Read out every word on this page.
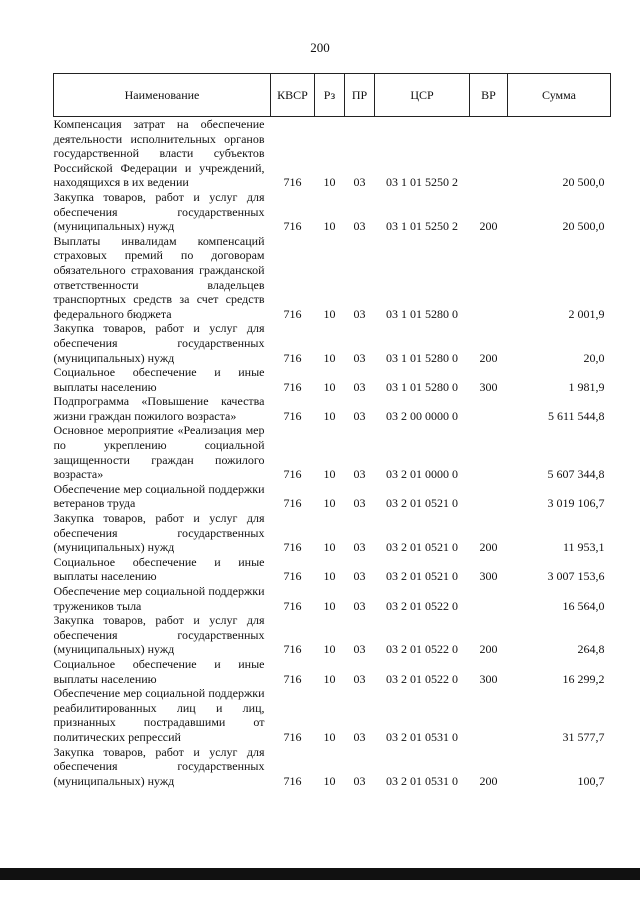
200
Наименование	КВСР	Рз	ПР	ЦСР	ВР	Сумма
Компенсация затрат на обеспечение деятельности исполнительных органов государственной власти субъектов Российской Федерации и учреждений, находящихся в их ведении	716	10	03	03 1 01 5250 2		20 500,0
Закупка товаров, работ и услуг для обеспечения государственных (муниципальных) нужд	716	10	03	03 1 01 5250 2	200	20 500,0
Выплаты инвалидам компенсаций страховых премий по договорам обязательного страхования гражданской ответственности владельцев транспортных средств за счет средств федерального бюджета	716	10	03	03 1 01 5280 0		2 001,9
Закупка товаров, работ и услуг для обеспечения государственных (муниципальных) нужд	716	10	03	03 1 01 5280 0	200	20,0
Социальное обеспечение и иные выплаты населению	716	10	03	03 1 01 5280 0	300	1 981,9
Подпрограмма «Повышение качества жизни граждан пожилого возраста»	716	10	03	03 2 00 0000 0		5 611 544,8
Основное мероприятие «Реализация мер по укреплению социальной защищенности граждан пожилого возраста»	716	10	03	03 2 01 0000 0		5 607 344,8
Обеспечение мер социальной поддержки ветеранов труда	716	10	03	03 2 01 0521 0		3 019 106,7
Закупка товаров, работ и услуг для обеспечения государственных (муниципальных) нужд	716	10	03	03 2 01 0521 0	200	11 953,1
Социальное обеспечение и иные выплаты населению	716	10	03	03 2 01 0521 0	300	3 007 153,6
Обеспечение мер социальной поддержки тружеников тыла	716	10	03	03 2 01 0522 0		16 564,0
Закупка товаров, работ и услуг для обеспечения государственных (муниципальных) нужд	716	10	03	03 2 01 0522 0	200	264,8
Социальное обеспечение и иные выплаты населению	716	10	03	03 2 01 0522 0	300	16 299,2
Обеспечение мер социальной поддержки реабилитированных лиц и лиц, признанных пострадавшими от политических репрессий	716	10	03	03 2 01 0531 0		31 577,7
Закупка товаров, работ и услуг для обеспечения государственных (муниципальных) нужд	716	10	03	03 2 01 0531 0	200	100,7
